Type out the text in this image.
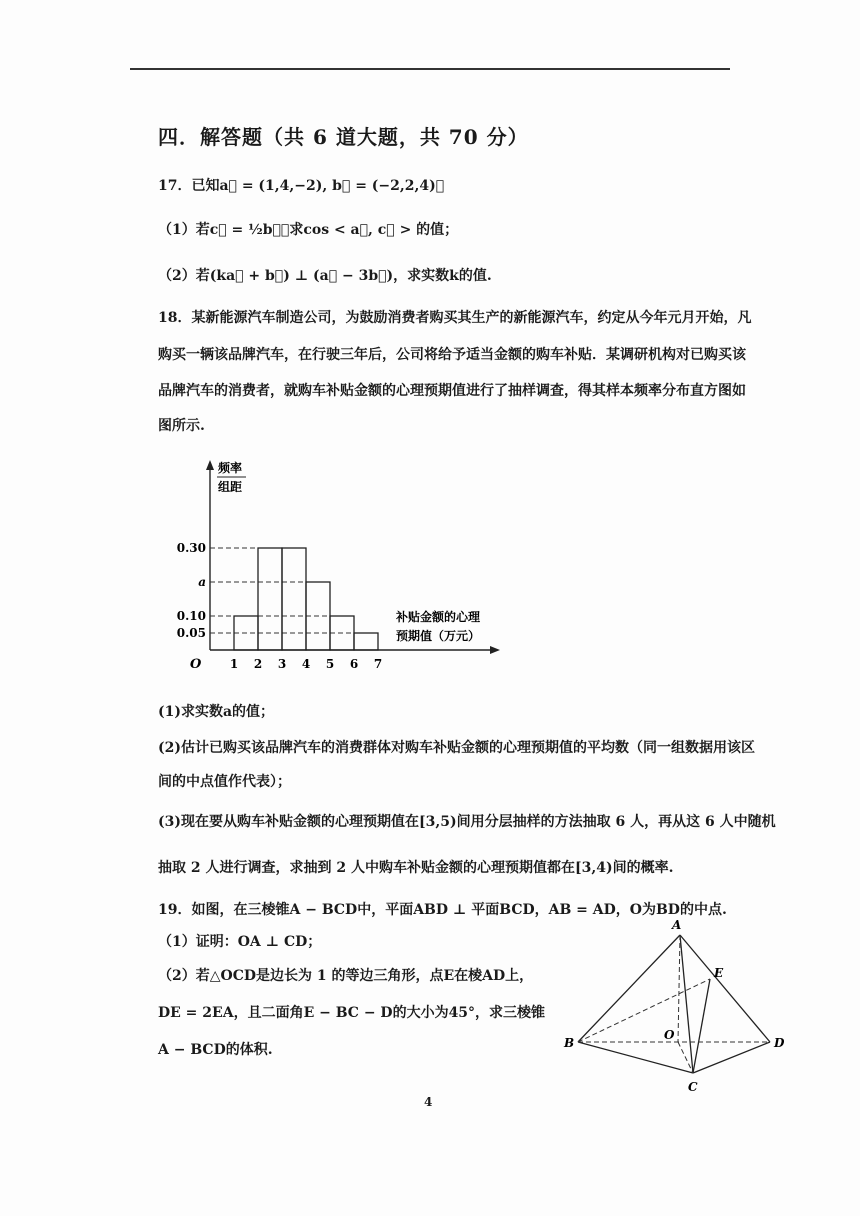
四．解答题（共 6 道大题，共 70 分）
17．已知a⃗ = (1,4,−2), b⃗ = (−2,2,4)．
（1）若c⃗ = ½b⃗，求cos < a⃗, c⃗ > 的值；
（2）若(ka⃗ + b⃗) ⊥ (a⃗ − 3b⃗)，求实数k的值.
18．某新能源汽车制造公司，为鼓励消费者购买其生产的新能源汽车，约定从今年元月开始，凡
购买一辆该品牌汽车，在行驶三年后，公司将给予适当金额的购车补贴．某调研机构对已购买该
品牌汽车的消费者，就购车补贴金额的心理预期值进行了抽样调查，得其样本频率分布直方图如
图所示.
频率
组距
O
0.30
a
0.10
0.05
1 2 3 4 5 6 7
补贴金额的心理
预期值（万元）
(1)求实数a的值；
(2)估计已购买该品牌汽车的消费群体对购车补贴金额的心理预期值的平均数（同一组数据用该区
间的中点值作代表）；
(3)现在要从购车补贴金额的心理预期值在[3,5)间用分层抽样的方法抽取 6 人，再从这 6 人中随机
抽取 2 人进行调查，求抽到 2 人中购车补贴金额的心理预期值都在[3,4)间的概率.
19．如图，在三棱锥A − BCD中，平面ABD ⊥ 平面BCD，AB = AD，O为BD的中点.
（1）证明：OA ⊥ CD；
（2）若△OCD是边长为 1 的等边三角形，点E在棱AD上，
DE = 2EA，且二面角E − BC − D的大小为45°，求三棱锥
A − BCD的体积.
A
B
C
D
E
O
4
